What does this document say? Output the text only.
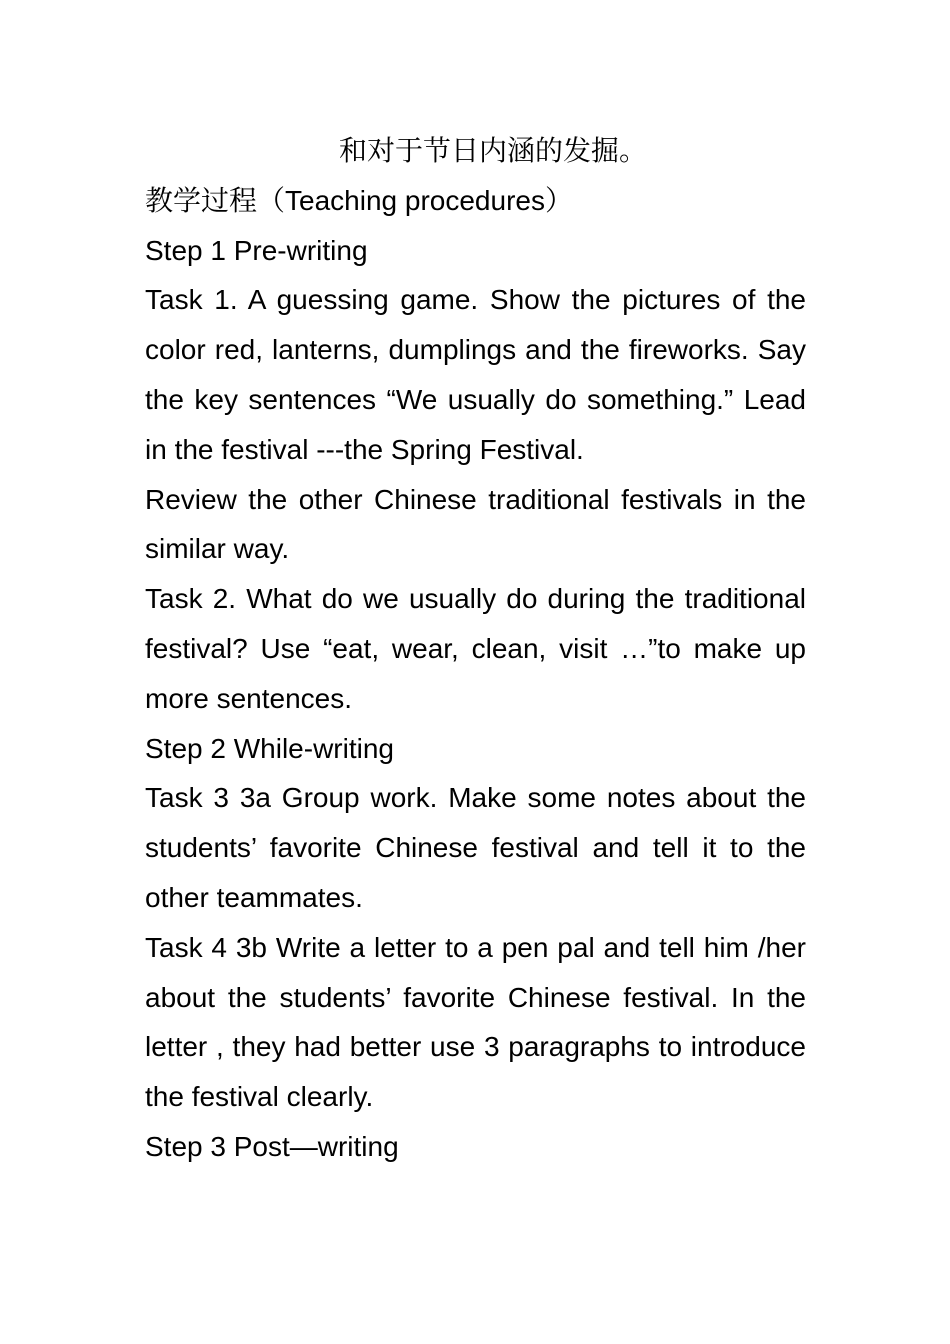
和对于节日内涵的发掘。

教学过程（Teaching procedures）

Step 1 Pre-writing

Task 1. A guessing game. Show the pictures of the color red, lanterns, dumplings and the fireworks. Say the key sentences “We usually do something.” Lead in the festival ---the Spring Festival.

Review the other Chinese traditional festivals in the similar way.

Task 2. What do we usually do during the traditional festival? Use “eat, wear, clean, visit …”to make up more sentences.

Step 2 While-writing

Task 3 3a Group work. Make some notes about the students’ favorite Chinese festival and tell it to the other teammates.

Task 4 3b Write a letter to a pen pal and tell him /her about the students’ favorite Chinese festival. In the letter , they had better use 3 paragraphs to introduce the festival clearly.

Step 3 Post—writing
